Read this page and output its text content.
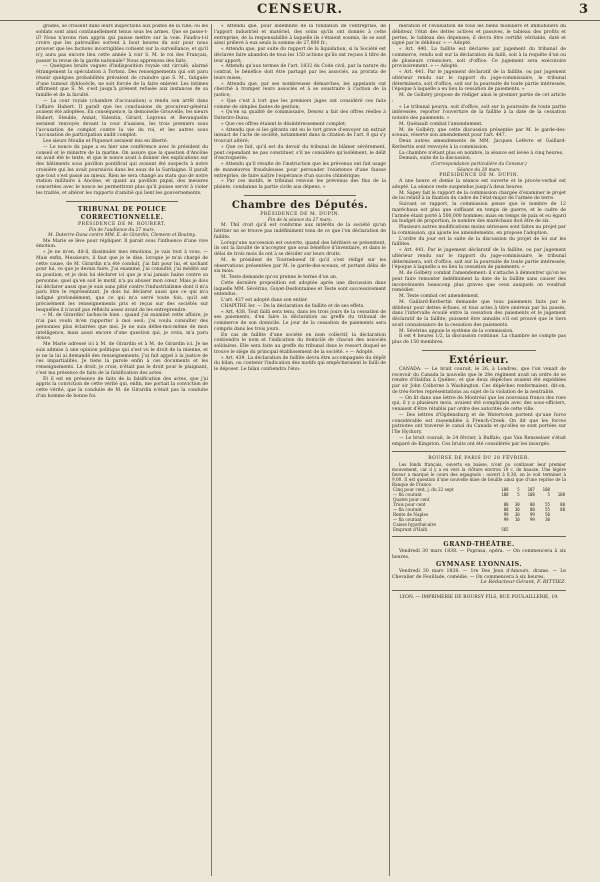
CENSEUR.	3

grades, se croisent dans leurs inspections aux postes de la ville; où les soldats sont ainsi continuellement tenus sous les armes. Que se passe-t-il? Nous n'avons rien appris qui puisse mettre sur la voie. Faudra-t-il croire que les patrouilles sortent à bout heures du soir pour nous prouver que les factions incorrigibles cotisent sur la surveillance, et qu'il n'y aura pas encore lieu cette année à voir S. M. le roi des Français, passer la revue de la garde nationale? Nous apprenons des faits.

— Quelques bruits vagues d'indisposition royale ont circulé, alarmé étrangement la spéculation à Tortoni. Des renseignements qui ont paru réunir quelques probabilités prévalent de craindre que S. M., fatiguée d'une tumeur dyblocécle, ne soit forcée de la faire enlever. Les intimes affirment que S. M. s'est jusqu'à présent refusée aux instances de sa famille et de la faculté.

— La cour royale (chambre d'accusation) a rendu son arrêt dans l'affaire Hubert. Il paraît que les conclusions du procureur-général avaient été adoptées. En conséquence, la demoiselle Grouvelle, les sieurs Hubert, Steuble, Annat, Valentin, Girard, Leproux et Bevanquelin seraient renvoyés devant la cour d'assises, les trois premiers sous l'accusation de complot contre la vie du roi, et les autres sous l'accusation de participation audit complot.

Les sieurs Moulin et Piquenot seraient mis en liberté.

— Le nonce du pape a eu hier une conférence avec le président du conseil et le ministre de la marine. On assure que la question d'Ancône en avait été le texte, et que le nonce avait à donner des explications sur des bâtiments sous pavillon pontifical qui avaient été suspects à notre croisière qui les avait poursuivis dans les eaux de la Sardaigne. Il paraît que tout s'est passé au mieux. Rien ne sera changé au statu quo de notre station militaire à Ancône, et quant au pavillon papal, des mesures concertées avec le nonce ne permettront plus qu'il puisse servir à violer les traités, et altérer les rapports d'amitié qui lient les gouvernements.

TRIBUNAL DE POLICE CORRECTIONNELLE.

PRÉSIDENCE DE M. ROUBERT.

Fin de l'audience du 27 mars.

M. Duterire-Duna contre MM. E. de Girardin, Clemenn et Boutmy.

Me Marie se lève pour répliquer. Il parait sous l'influence d'une vive émotion.

« Je ne m'en, dit-il, dissimuler mes émotions, je vais tout à vous. — Mais enfin, Messieurs, il faut que je le dise, lorsque je m'ai chargé de cette cause, de M. Girardin n'a été conduit, j'ai fait pour lui, et sachant pour lui, ce que je devais faire. J'ai examiné, j'ai consulté, j'ai médité sur sa position, et je dois lui déclarer ici que je n'ai jamais haine contre sa personne, quel qu'en soit le motif, n'a pu abuser mon cœur. Mais je dois lui déclarer aussi que je suis sans pitié contre l'industrialisme dont il m'a paru être le représentant. Je dois lui déclarer aussi que ce qui m'a indigné profondément, que ce qui m'a serré toute fois, qu'il est précisément les renseignements pris et reçus sur des sociétés sur lesquelles il n'avait pas réfléchi assez avant de les entreprendre.

« M. de Girardin! lachez-le bien : quand j'ai examiné cette affaire, je n'ai pas voulu m'en rapporter à moi seul; j'ai voulu consulter des personnes plus éclairées que moi. Je ne suis défiei-moi-même de mon intelligence, mais aussi encore d'une question qui, je crois, m'a paru douce.

Me Marie adressé ici à M. de Girardin et à M. de Girardin ici. Je ne suis admise à une opinion politique qui s'est vu le droit de la mienne, et je ne la lui ai demandé des renseignements. J'ai fait appel à la justice de ces impartialités. Je tiens la parole enfin à ces documents et les renseignements. Le droit, je crois, n'était pas le droit pour le plaignant, c'est ma présence de faits de la falsification des actes.

Et il est en présence de faits de la falsification des actes, que j'ai appris la conviction de cette vérité qui, enfin, me portait la conviction de cette vérité, que la conduite de M. de Girardin n'était pas la conduite d'un homme de bonne foi.

« Attendu que, pour indemnité de la fondation de l'entreprise, de l'apport industriel et matériel, des soins qu'ils ont donnés à cette entreprise, de la responsabilité à laquelle ils s'étaient soumis, ils se sont ainsi prélevé à eux seuls la somme de 27,800 fr.;

« Attendu que, par suite du rapport de la liquidation, si la Société est déclarée faire abandon de tous les 150 actions qu'ils ont reçues à titre de leur apport;

« Attendu qu'aux termes de l'art. 1832 du Code civil, par la nature du contrat, le bénéfice doit être partagé par les associés, au prorata de leurs mises;

« Attendu que, par ses nombreuses démarches, les appelants ont cherché à tromper leurs associés et à se soustraire à l'action de la justice;

« Que c'est à tort que les premiers juges ont considéré ces faits comme de simples fautes de gestion;

« Qu'en sa qualité de commissaire, Desrez a fait des offres réelles à Duterire-Duna;

« Que ces offres étaient le désintéressement complet;

« Attendu que si les gérants ont eu le tort grave d'envoyer un extrait inexact de l'acte de société, notamment dans la citation de l'art. 8 qui s'y trouvait altéré;

« Que ce fait, qu'il est du devoir du tribunal de blâmer sévèrement, peut cependant ne pas constituer, s'il ne considère qu'isolément, le délit d'escroquerie;

« Attendu qu'il résulte de l'instruction que les prévenus ont fait usage de manœuvres frauduleuses pour persuader l'existence d'une fausse entreprise, de faire naître l'espérance d'un succès chimérique;

« Par ces motifs, le tribunal renvoie les prévenus des fins de la plainte, condamne la partie civile aux dépens. »

Chambre des Députés.

PRÉSIDENCE DE M. DUPIN.

Fin de la séance du 27 mars.

M. Thil croit qu'il est conforme aux intérêts de la société qu'un héritier ne se trouve pas indéfiniment tenu de ce que l'on déclaration de faillite.

Lorsqu'une succession est ouverte, quand des héritiers se présentent, ils ont la faculté de n'accepter que sous bénéfice d'inventaire, et dans le délai de trois mois ils ont à se décider sur leurs droits.

M. le président de Tourneboeuf lit qu'il s'est rédigé sur les observations présentées par M. le garde-des-sceaux, et portant délai de six mois.

M. Teste demande qu'on prenne le terme d'un an.

Cette dernière proposition est adoptée après une discussion dans laquelle MM. Sévérino, Guyet-Desfontaines et Teste sont successivement entendus.

L'art. 437 est adopté dans son entier.

CHAPITRE Ier. — De la déclaration de faillite et de ses effets.

« Art. 438. Tout failli sera tenu, dans les trois jours de la cessation de ses paiements, d'en faire la déclaration au greffe du tribunal de commerce de son domicile. Le jour de la cessation de paiements sera compris dans les trois jours.

En cas de faillite d'une société en nom collectif, la déclaration contiendra le nom et l'indication du domicile de chacun des associés solidaires. Elle sera faite au greffe du tribunal dans le ressort duquel se trouve le siège du principal établissement de la société. » — Adopté.

« Art. 439. La déclaration de faillite devra être accompagnée du dépôt du bilan, ou contenir l'indication des motifs qui empêcheraient le failli de le déposer. Le bilan contiendra l'énu-

mération et l'évaluation de tous les biens mobiliers et immobiliers du débiteur, l'état des dettes actives et passives, le tableau des profits et pertes, le tableau des dépenses; il devra être certifié véritable, daté et signé par le débiteur. » — Adopté.

« Art. 440. La faillite est déclarée par jugement du tribunal de commerce, rendu soit sur la déclaration du failli, soit à la requête d'un ou de plusieurs créanciers, soit d'office. Ce jugement sera exécutoire provisoirement. » — Adopté.

« Art. 441. Par le jugement déclaratif de la faillite, ou par jugement ultérieur rendu sur le rapport du juge-commissaire, le tribunal déterminera, soit d'office, soit sur la poursuite de toute partie intéressée, l'époque à laquelle a eu lieu la cessation de paiements. »

M. de Golbéry propose de rédiger ainsi le premier partie de cet article :

« Le tribunal pourra, soit d'office, soit sur la poursuite de toute partie intéressée, reporter l'ouverture de la faillite à la date de la cessation notoire des paiements. »

M. Quénault combat l'amendement.

M. de Golbéry, que cette discussion présentée par M. le garde-des-sceaux, réserve son amendement pour l'art. 447.

Deux autres amendements de MM. Jacques Lefèvre et Gaillard-Kerbertin sont renvoyés à la commission.

La chambre n'étant plus en nombre, la séance est levée à cinq heures.

Demain, suite de la discussion.

(Correspondance particulière du Censeur.)

Séance du 28 mars.

PRÉSIDENCE DE M. DUPIN.

A une heure et demie la séance est ouverte et le procès-verbal est adopté. La séance reste suspendue jusqu'à deux heures.

M. Sapey fait le rapport de la commission chargée d'examiner le projet de loi relatif à la fixation du cadre de l'état-major de l'armée de terre.

Suivant ce rapport, la commission pense que le nombre de 12 maréchaux est plus que suffisant en temps de guerre, et le cadre de l'armée étant porté à 500,000 hommes; mais en temps de paix et eu égard au budget de proportion, le nombre des maréchaux doit être de six.

Plusieurs autres modifications moins sérieuses sont faites au projet par la commission, qui ajoute les amendements, en propose l'adoption.

L'ordre du jour est la suite de la discussion du projet de loi sur les faillites.

« Art. 441. Par le jugement déclaratif de la faillite, ou par jugement ultérieur rendu sur le rapport du juge-commissaire, le tribunal déterminera, soit d'office, soit sur la poursuite de toute partie intéressée, l'époque à laquelle a eu lieu la cessation de paiements. »

M. de Golbéry combat l'amendement: il s'attache à démontrer qu'on ne peut faire remonter indéfiniment la date de la faillite sans causer des inconvénients beaucoup plus graves que ceux auxquels on voudrait remédier.

M. Teste combat cet amendement.

M. Gaillard-Kerbertin demande que tous paiements faits par le débiteur pour dettes échues, et tous actes à titre onéreux par lui passés, dans l'intervalle écoulé entre la cessation des paiements et le jugement déclaratif de la faillite, puissent être annulés s'il est prouvé que le tiers avait connaissance de la cessation des paiements.

M. Sévérino appuie le système de la commission.

Il est 4 heures 1/2, la discussion continue. La chambre ne compte pas plus de 150 membres.

Extérieur.

CANADA. — Le bruit courait, le 26, à Londres, que l'on venait de recevoir du Canada la nouvelle que le 28e régiment avait un ordre de se rendre d'Halifax à Québec, et que deux dépêches avaient été expédiées par sir John Colborne à Washington. Ces dépêches renfermaient, dit-on, de très-fortes représentations au sujet de la violation de la neutralité.

— On lit dans une lettre de Montréal que les nouveaux francs des rues qui, il y a plusieurs mois, avaient été compliqués avec des sous-officiers, venaient d'être rétablis par ordre des autorités de cette ville.

— Des lettres d'Ogdensburg et de Watertown portent qu'une force considérable est rassemblée à French-Creek. On dit que les forces patriotes ont traversé le canal du Canada et qu'elles se sont portées sur l'île Hyckory.

— Le bruit courait, le 24 février, à Buffalo, que Van Rensselaer s'était emparé de Kingston. Ces bruits ont été considérés par les insurgés.

BOURSE DE PARIS DU 28 FÉVRIER.

Les fonds français, ouverts en baisse, n'ont pu continuer leur premier mouvement, car il y a eu vers la clôture environ 10 c. de hausse. Une légère faveur a marqué le cours des espagnols : ouvert à 8,30, on le voit terminer à 9,00. Il est question d'une nouvelle mise de bouille ainsi que d'une reprise de la Banque de France.

Cinq pour cent, j. du 22 sept	108	5	107	108	
— fin courant	108	5	108	5	108
Quatre pour cent					
Trois pour cent	80	30	80	55	80
— fin courant	80	30	80	55	80
Rente de Naples	99	30	99	50	
— fin courant	99	10	99	30	
Caisse hypothécaire					
Emprunt d'Haïti	565				

GRAND-THÉÂTRE.

Vendredi 30 mars 1838. — Poprasa, opéra. — On commencera à six heures.

GYMNASE LYONNAIS.

Vendredi 30 mars 1838. — 1re Des Jeux d'Amours, drame. — Le Chevalier de Feuillade, comédie. — On commencera à six heures.

Le Rédacteur-Gérant, F. RITTIEZ.

LYON. — IMPRIMERIE DE BOURSY FILS, RUE POULAILLERIE, 19.
